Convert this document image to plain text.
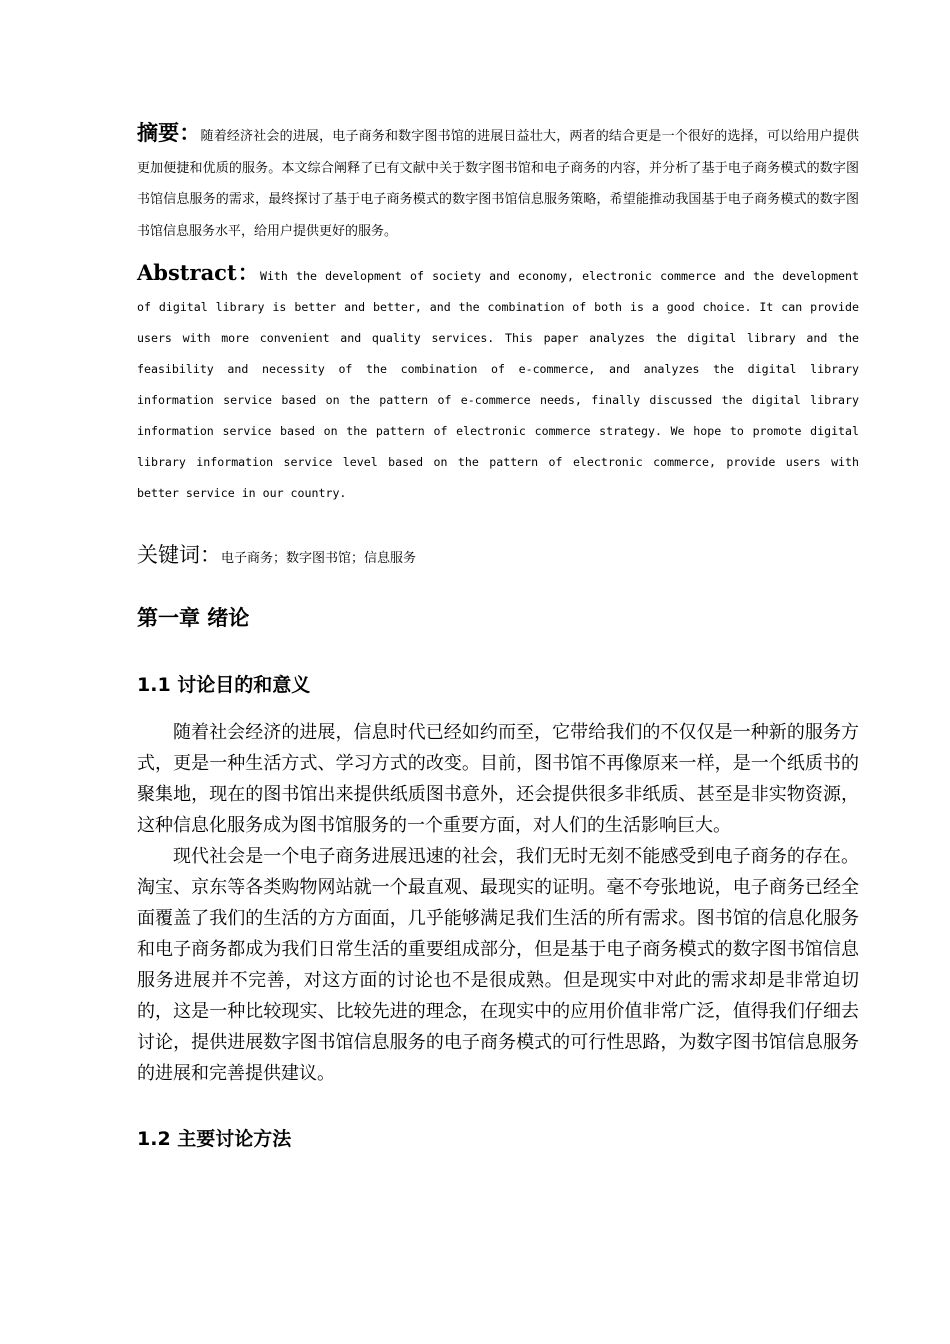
摘要：随着经济社会的进展，电子商务和数字图书馆的进展日益壮大，两者的结合更是一个很好的选择，可以给用户提供更加便捷和优质的服务。本文综合阐释了已有文献中关于数字图书馆和电子商务的内容，并分析了基于电子商务模式的数字图书馆信息服务的需求，最终探讨了基于电子商务模式的数字图书馆信息服务策略，希望能推动我国基于电子商务模式的数字图书馆信息服务水平，给用户提供更好的服务。

Abstract：With the development of society and economy, electronic commerce and the development of digital library is better and better, and the combination of both is a good choice. It can provide users with more convenient and quality services. This paper analyzes the digital library and the feasibility and necessity of the combination of e-commerce, and analyzes the digital library information service based on the pattern of e-commerce needs, finally discussed the digital library information service based on the pattern of electronic commerce strategy. We hope to promote digital library information service level based on the pattern of electronic commerce, provide users with better service in our country.

关键词：电子商务；数字图书馆；信息服务

第一章 绪论
1.1 讨论目的和意义

随着社会经济的进展，信息时代已经如约而至，它带给我们的不仅仅是一种新的服务方式，更是一种生活方式、学习方式的改变。目前，图书馆不再像原来一样，是一个纸质书的聚集地，现在的图书馆出来提供纸质图书意外，还会提供很多非纸质、甚至是非实物资源，这种信息化服务成为图书馆服务的一个重要方面，对人们的生活影响巨大。

现代社会是一个电子商务进展迅速的社会，我们无时无刻不能感受到电子商务的存在。淘宝、京东等各类购物网站就一个最直观、最现实的证明。毫不夸张地说，电子商务已经全面覆盖了我们的生活的方方面面，几乎能够满足我们生活的所有需求。图书馆的信息化服务和电子商务都成为我们日常生活的重要组成部分，但是基于电子商务模式的数字图书馆信息服务进展并不完善，对这方面的讨论也不是很成熟。但是现实中对此的需求却是非常迫切的，这是一种比较现实、比较先进的理念，在现实中的应用价值非常广泛，值得我们仔细去讨论，提供进展数字图书馆信息服务的电子商务模式的可行性思路，为数字图书馆信息服务的进展和完善提供建议。

1.2 主要讨论方法
